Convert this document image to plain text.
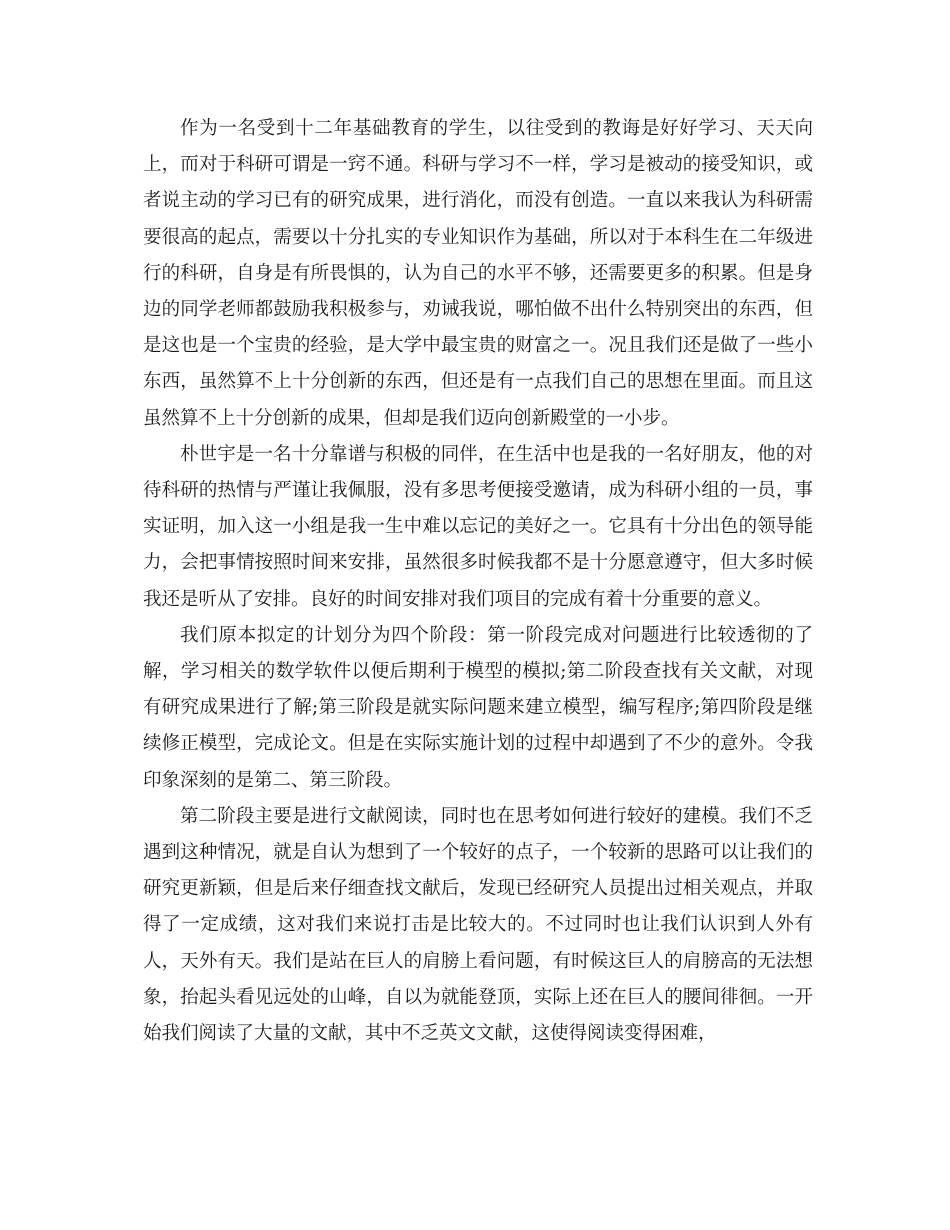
作为一名受到十二年基础教育的学生，以往受到的教诲是好好学习、天天向上，而对于科研可谓是一窍不通。科研与学习不一样，学习是被动的接受知识，或者说主动的学习已有的研究成果，进行消化，而没有创造。一直以来我认为科研需要很高的起点，需要以十分扎实的专业知识作为基础，所以对于本科生在二年级进行的科研，自身是有所畏惧的，认为自己的水平不够，还需要更多的积累。但是身边的同学老师都鼓励我积极参与，劝诫我说，哪怕做不出什么特别突出的东西，但是这也是一个宝贵的经验，是大学中最宝贵的财富之一。况且我们还是做了一些小东西，虽然算不上十分创新的东西，但还是有一点我们自己的思想在里面。而且这虽然算不上十分创新的成果，但却是我们迈向创新殿堂的一小步。

朴世宇是一名十分靠谱与积极的同伴，在生活中也是我的一名好朋友，他的对待科研的热情与严谨让我佩服，没有多思考便接受邀请，成为科研小组的一员，事实证明，加入这一小组是我一生中难以忘记的美好之一。它具有十分出色的领导能力，会把事情按照时间来安排，虽然很多时候我都不是十分愿意遵守，但大多时候我还是听从了安排。良好的时间安排对我们项目的完成有着十分重要的意义。

我们原本拟定的计划分为四个阶段：第一阶段完成对问题进行比较透彻的了解，学习相关的数学软件以便后期利于模型的模拟;第二阶段查找有关文献，对现有研究成果进行了解;第三阶段是就实际问题来建立模型，编写程序;第四阶段是继续修正模型，完成论文。但是在实际实施计划的过程中却遇到了不少的意外。令我印象深刻的是第二、第三阶段。

第二阶段主要是进行文献阅读，同时也在思考如何进行较好的建模。我们不乏遇到这种情况，就是自认为想到了一个较好的点子，一个较新的思路可以让我们的研究更新颖，但是后来仔细查找文献后，发现已经研究人员提出过相关观点，并取得了一定成绩，这对我们来说打击是比较大的。不过同时也让我们认识到人外有人，天外有天。我们是站在巨人的肩膀上看问题，有时候这巨人的肩膀高的无法想象，抬起头看见远处的山峰，自以为就能登顶，实际上还在巨人的腰间徘徊。一开始我们阅读了大量的文献，其中不乏英文文献，这使得阅读变得困难，
